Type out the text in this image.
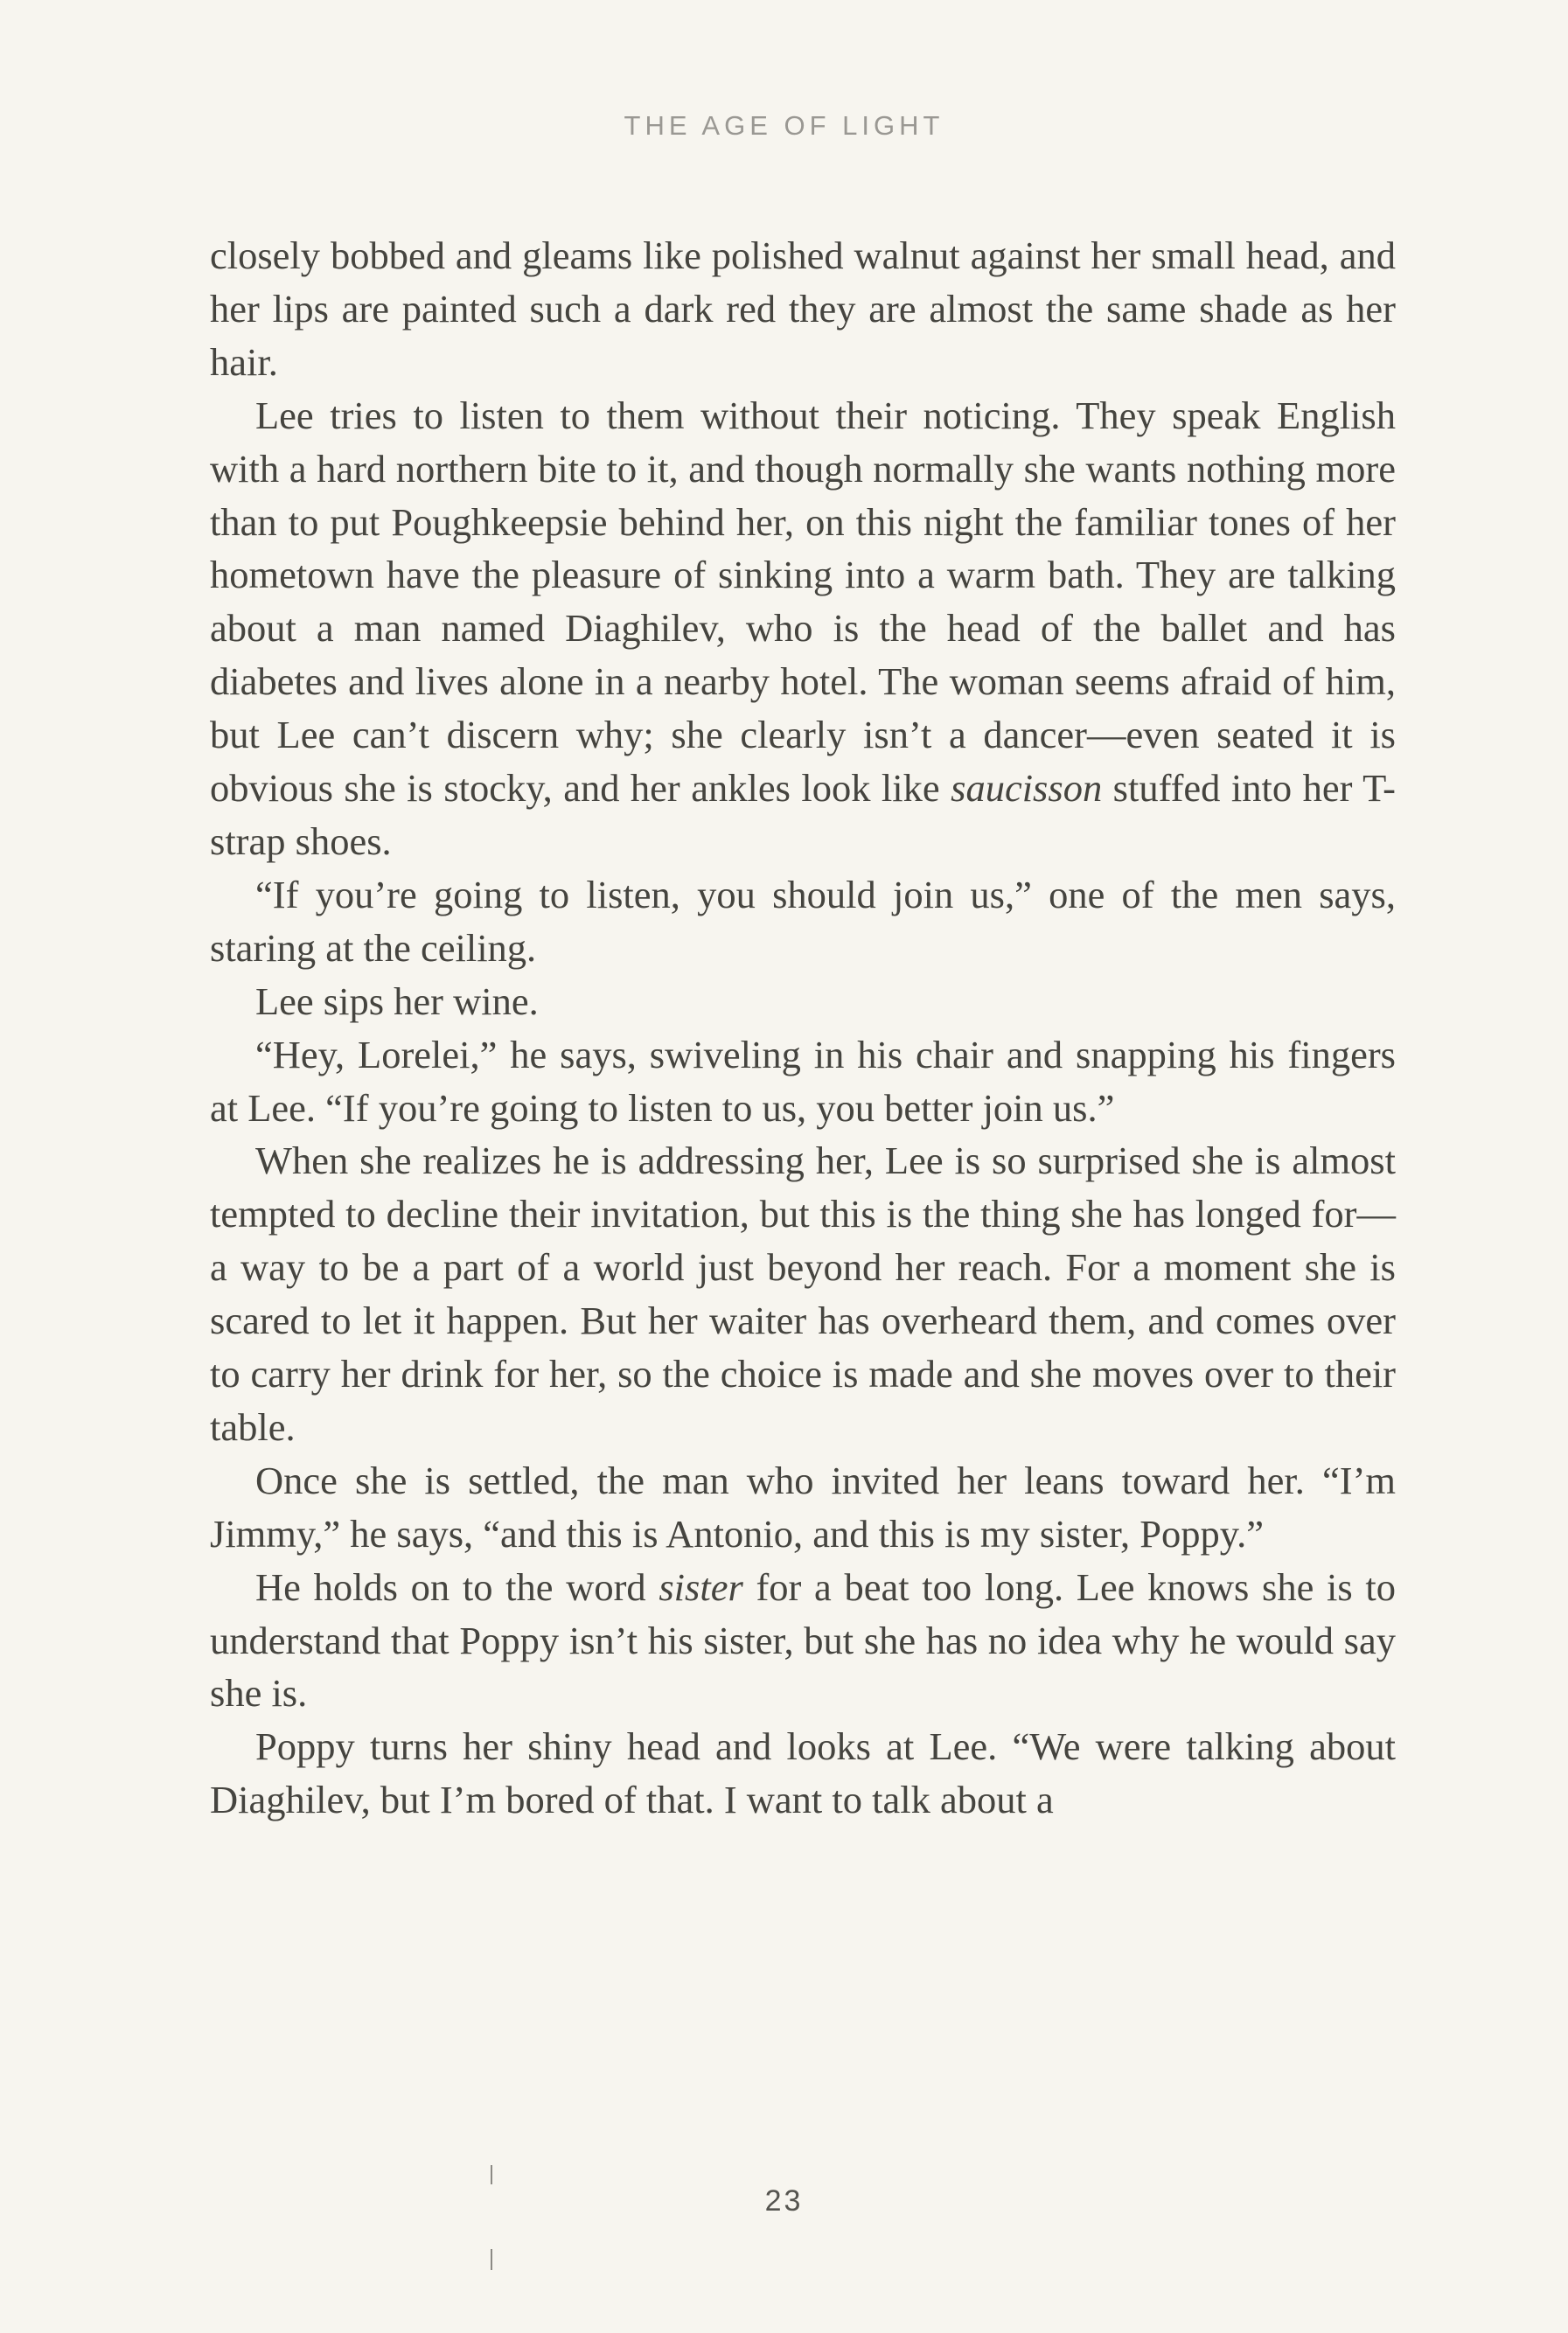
THE AGE OF LIGHT

closely bobbed and gleams like polished walnut against her small head, and her lips are painted such a dark red they are almost the same shade as her hair.

Lee tries to listen to them without their noticing. They speak English with a hard northern bite to it, and though normally she wants nothing more than to put Poughkeepsie behind her, on this night the familiar tones of her hometown have the pleasure of sinking into a warm bath. They are talking about a man named Diaghilev, who is the head of the ballet and has diabetes and lives alone in a nearby hotel. The woman seems afraid of him, but Lee can’t discern why; she clearly isn’t a dancer—even seated it is obvious she is stocky, and her ankles look like saucisson stuffed into her T-strap shoes.

“If you’re going to listen, you should join us,” one of the men says, staring at the ceiling.

Lee sips her wine.

“Hey, Lorelei,” he says, swiveling in his chair and snapping his fingers at Lee. “If you’re going to listen to us, you better join us.”

When she realizes he is addressing her, Lee is so surprised she is almost tempted to decline their invitation, but this is the thing she has longed for—a way to be a part of a world just beyond her reach. For a moment she is scared to let it happen. But her waiter has overheard them, and comes over to carry her drink for her, so the choice is made and she moves over to their table.

Once she is settled, the man who invited her leans toward her. “I’m Jimmy,” he says, “and this is Antonio, and this is my sister, Poppy.”

He holds on to the word sister for a beat too long. Lee knows she is to understand that Poppy isn’t his sister, but she has no idea why he would say she is.

Poppy turns her shiny head and looks at Lee. “We were talking about Diaghilev, but I’m bored of that. I want to talk about a

23
